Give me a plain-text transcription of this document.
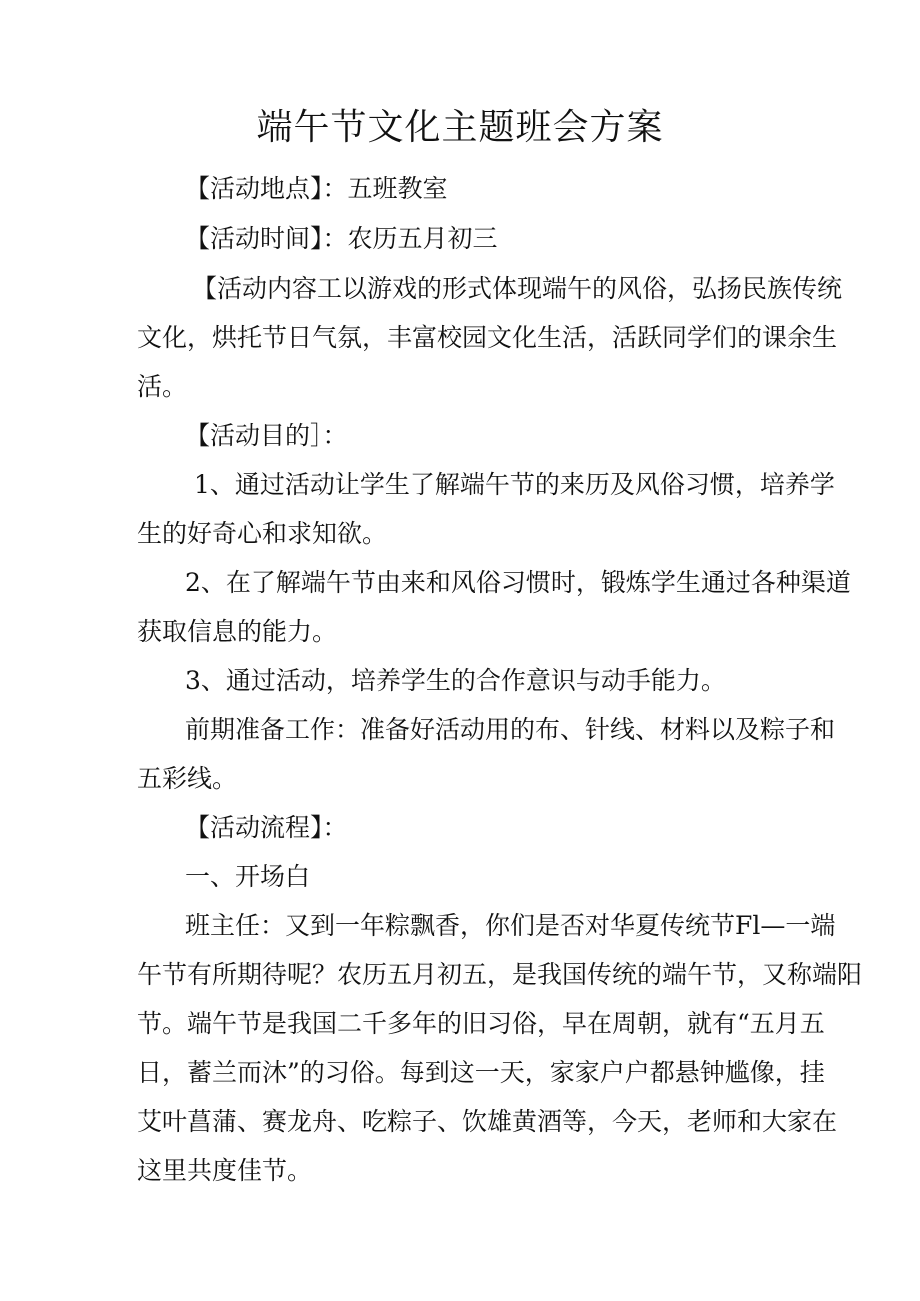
端午节文化主题班会方案

【活动地点】：五班教室

【活动时间】：农历五月初三

【活动内容工以游戏的形式体现端午的风俗，弘扬民族传统

文化，烘托节日气氛，丰富校园文化生活，活跃同学们的课余生

活。

【活动目的］：

1、通过活动让学生了解端午节的来历及风俗习惯，培养学

生的好奇心和求知欲。

2、在了解端午节由来和风俗习惯时，锻炼学生通过各种渠道

获取信息的能力。

3、通过活动，培养学生的合作意识与动手能力。

前期准备工作：准备好活动用的布、针线、材料以及粽子和

五彩线。

【活动流程】：

一、开场白

班主任：又到一年粽飘香，你们是否对华夏传统节Fl—一端

午节有所期待呢？农历五月初五，是我国传统的端午节，又称端阳

节。端午节是我国二千多年的旧习俗，早在周朝，就有“五月五

日，蓄兰而沐”的习俗。每到这一天，家家户户都悬钟尴像，挂

艾叶菖蒲、赛龙舟、吃粽子、饮雄黄酒等，今天，老师和大家在

这里共度佳节。
